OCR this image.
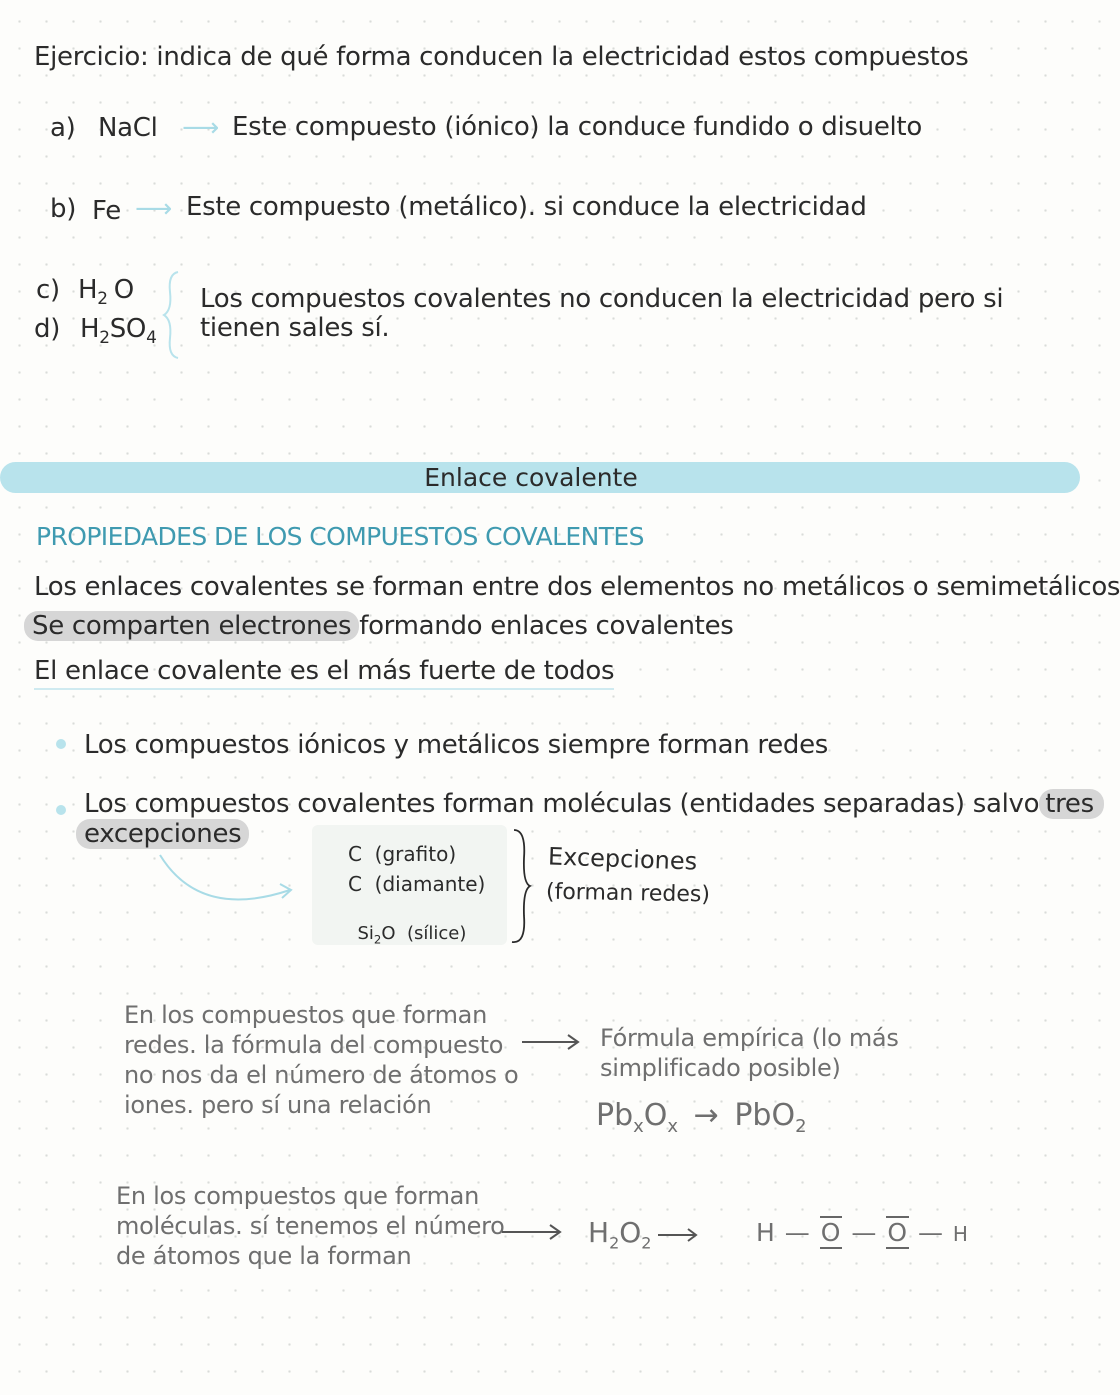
Ejercicio: indica de qué forma conducen la electricidad estos compuestos
a) NaCl ⟶ Este compuesto (iónico) la conduce fundido o disuelto
b) Fe ⟶ Este compuesto (metálico). si conduce la electricidad
c) $H_2$ O
d) $H_2SO_4$
Los compuestos covalentes no conducen la electricidad pero si
tienen sales sí.
Enlace covalente
PROPIEDADES DE LOS COMPUESTOS COVALENTES
Los enlaces covalentes se forman entre dos elementos no metálicos o semimetálicos
Se comparten electrones formando enlaces covalentes
El enlace covalente es el más fuerte de todos
Los compuestos iónicos y metálicos siempre forman redes
Los compuestos covalentes forman moléculas (entidades separadas) salvo tres
excepciones
C  (grafito)
C  (diamante)

$Si_2O$  (sílice)

Excepciones
(forman redes)
En los compuestos que forman
redes. la fórmula del compuesto
no nos da el número de átomos o
iones. pero sí una relación
Fórmula empírica (lo más
simplificado posible)
$Pb_xO_x \to PbO_2$
En los compuestos que forman
moléculas. sí tenemos el número
de átomos que la forman
$H_2O_2$	H — O — O — H
